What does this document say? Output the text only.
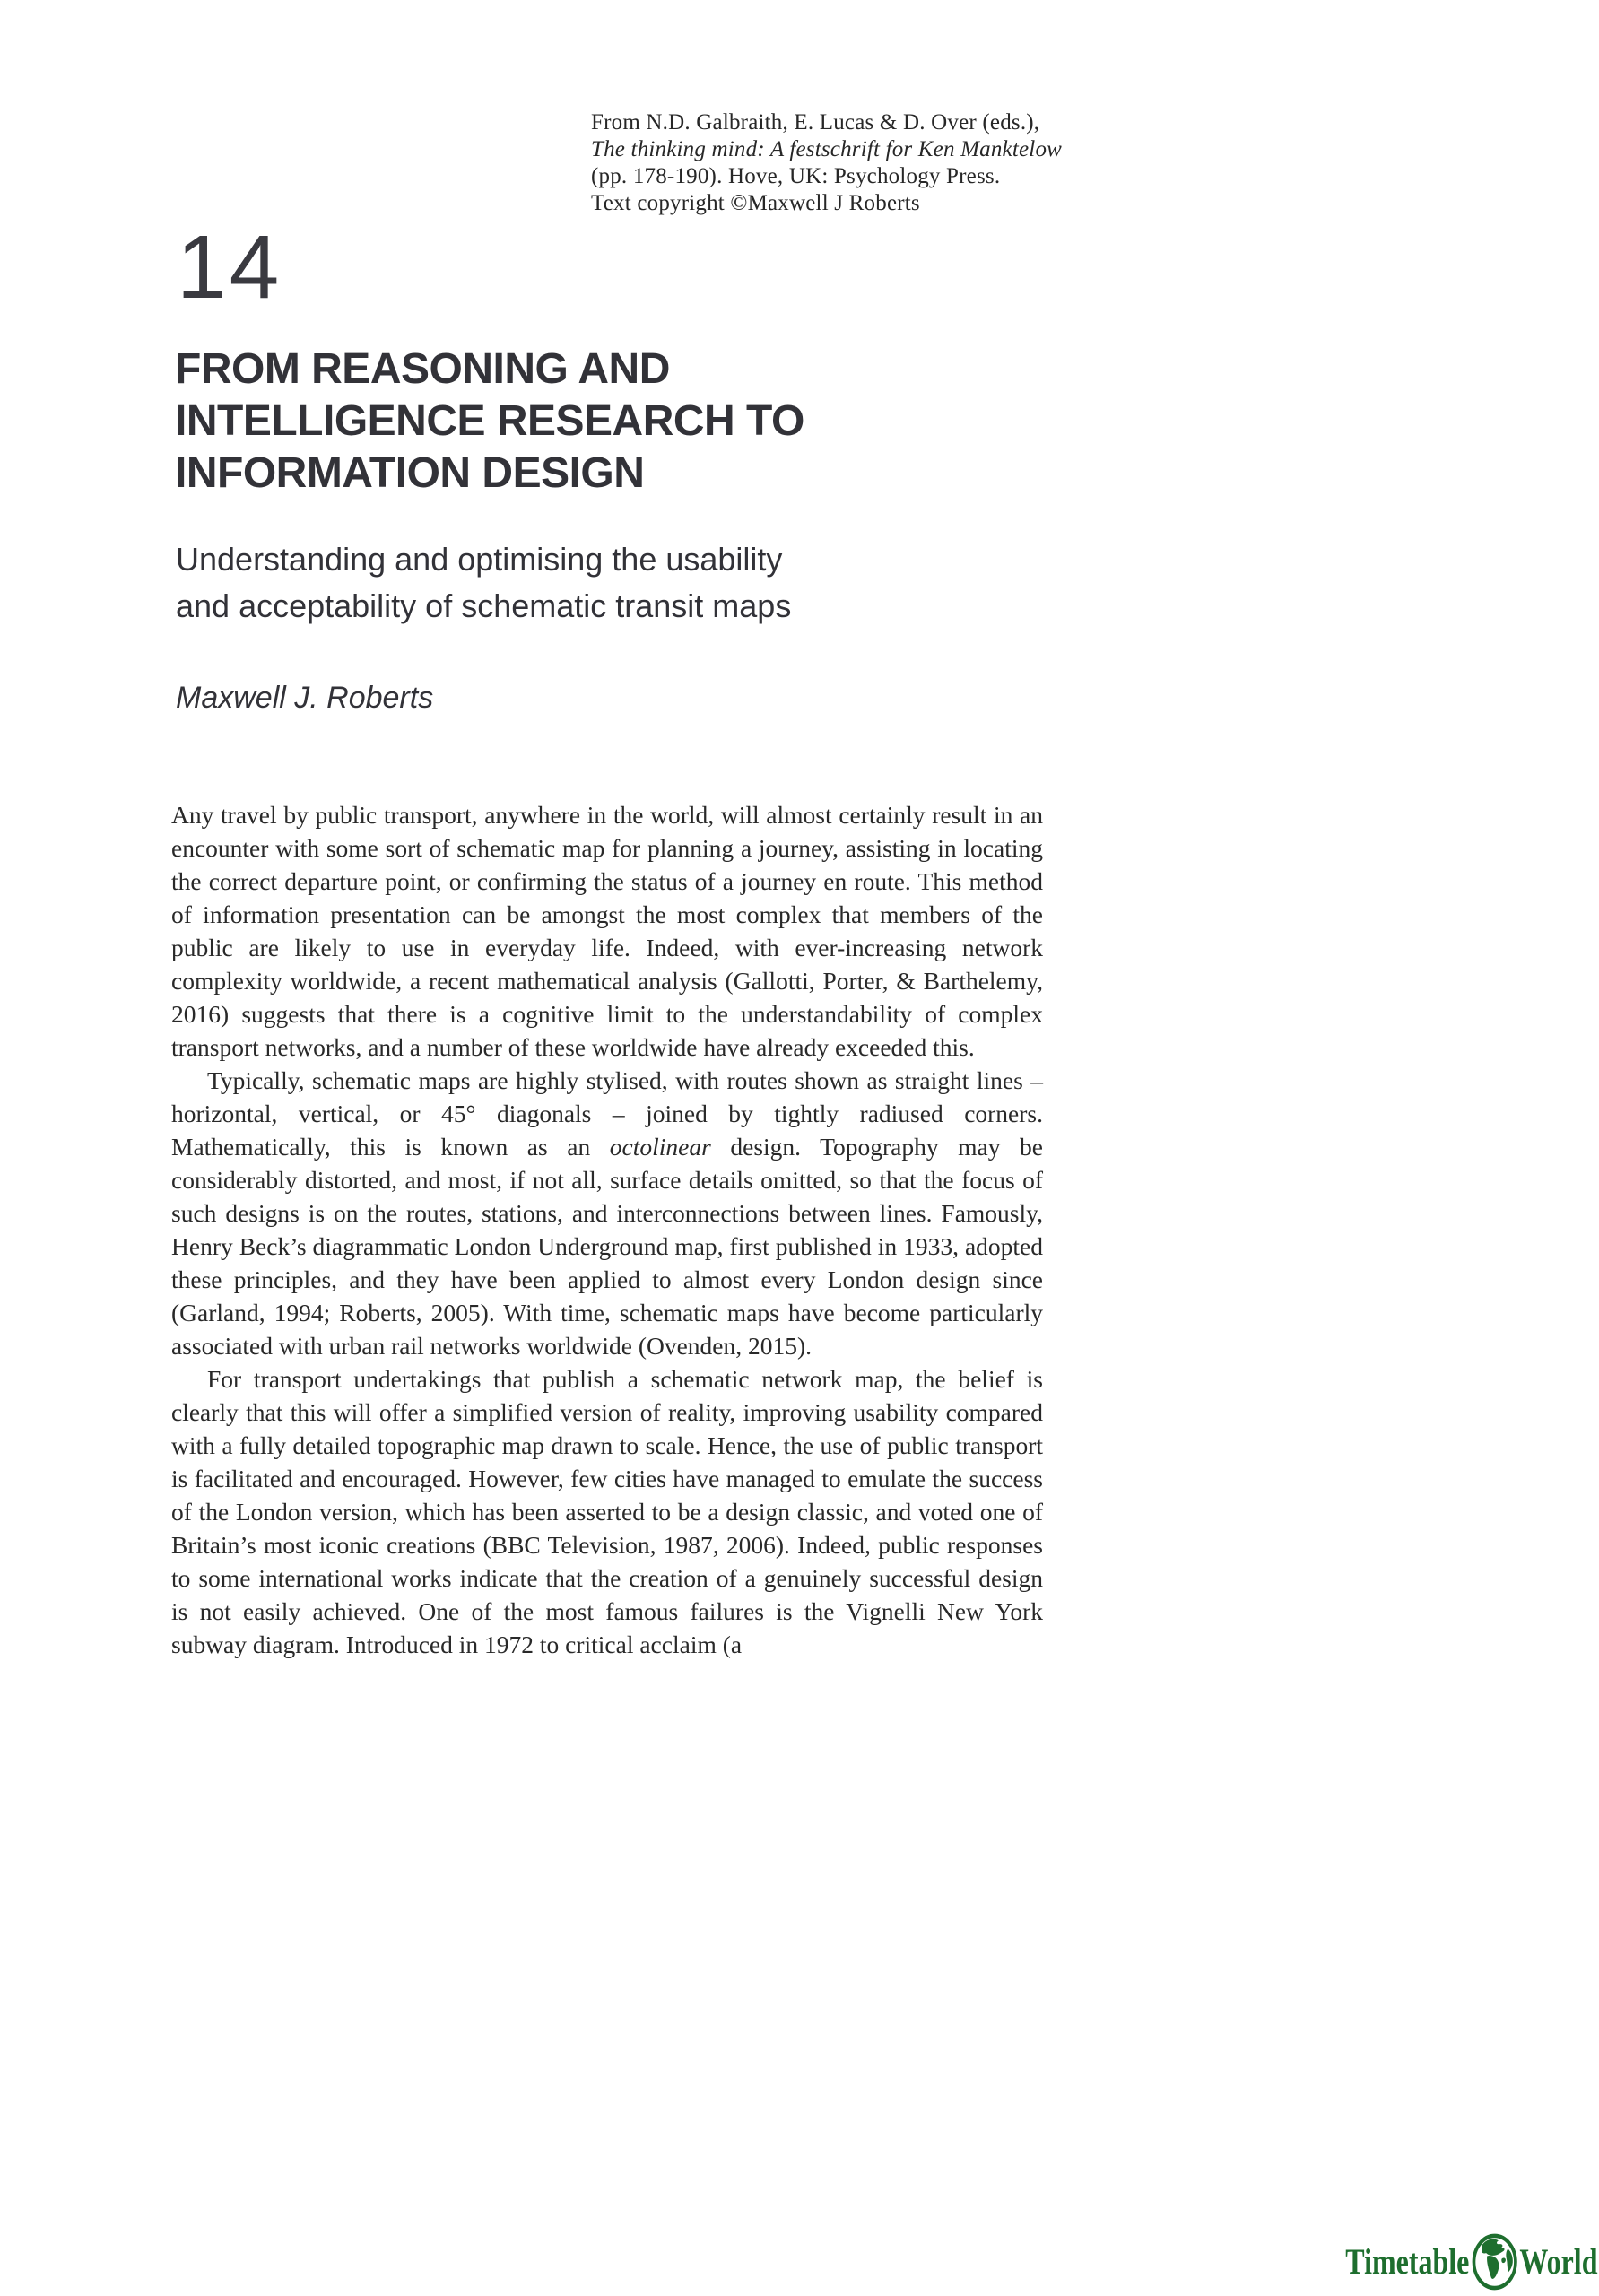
From N.D. Galbraith, E. Lucas & D. Over (eds.),
The thinking mind: A festschrift for Ken Manktelow
(pp. 178-190). Hove, UK: Psychology Press.
Text copyright ©Maxwell J Roberts
14
FROM REASONING AND
INTELLIGENCE RESEARCH TO
INFORMATION DESIGN
Understanding and optimising the usability
and acceptability of schematic transit maps
Maxwell J. Roberts

Any travel by public transport, anywhere in the world, will almost certainly result in an encounter with some sort of schematic map for planning a journey, assisting in locating the correct departure point, or confirming the status of a journey en route. This method of information presentation can be amongst the most complex that members of the public are likely to use in everyday life. Indeed, with ever-increasing network complexity worldwide, a recent mathematical analysis (Gallotti, Porter, & Barthelemy, 2016) suggests that there is a cognitive limit to the understandability of complex transport networks, and a number of these worldwide have already exceeded this.

Typically, schematic maps are highly stylised, with routes shown as straight lines – horizontal, vertical, or 45° diagonals – joined by tightly radiused corners. Mathematically, this is known as an octolinear design. Topography may be considerably distorted, and most, if not all, surface details omitted, so that the focus of such designs is on the routes, stations, and interconnections between lines. Famously, Henry Beck’s diagrammatic London Underground map, first published in 1933, adopted these principles, and they have been applied to almost every London design since (Garland, 1994; Roberts, 2005). With time, schematic maps have become particularly associated with urban rail networks worldwide (Ovenden, 2015).

For transport undertakings that publish a schematic network map, the belief is clearly that this will offer a simplified version of reality, improving usability compared with a fully detailed topographic map drawn to scale. Hence, the use of public transport is facilitated and encouraged. However, few cities have managed to emulate the success of the London version, which has been asserted to be a design classic, and voted one of Britain’s most iconic creations (BBC Television, 1987, 2006). Indeed, public responses to some international works indicate that the creation of a genuinely successful design is not easily achieved. One of the most famous failures is the Vignelli New York subway diagram. Introduced in 1972 to critical acclaim (a

Timetable World
